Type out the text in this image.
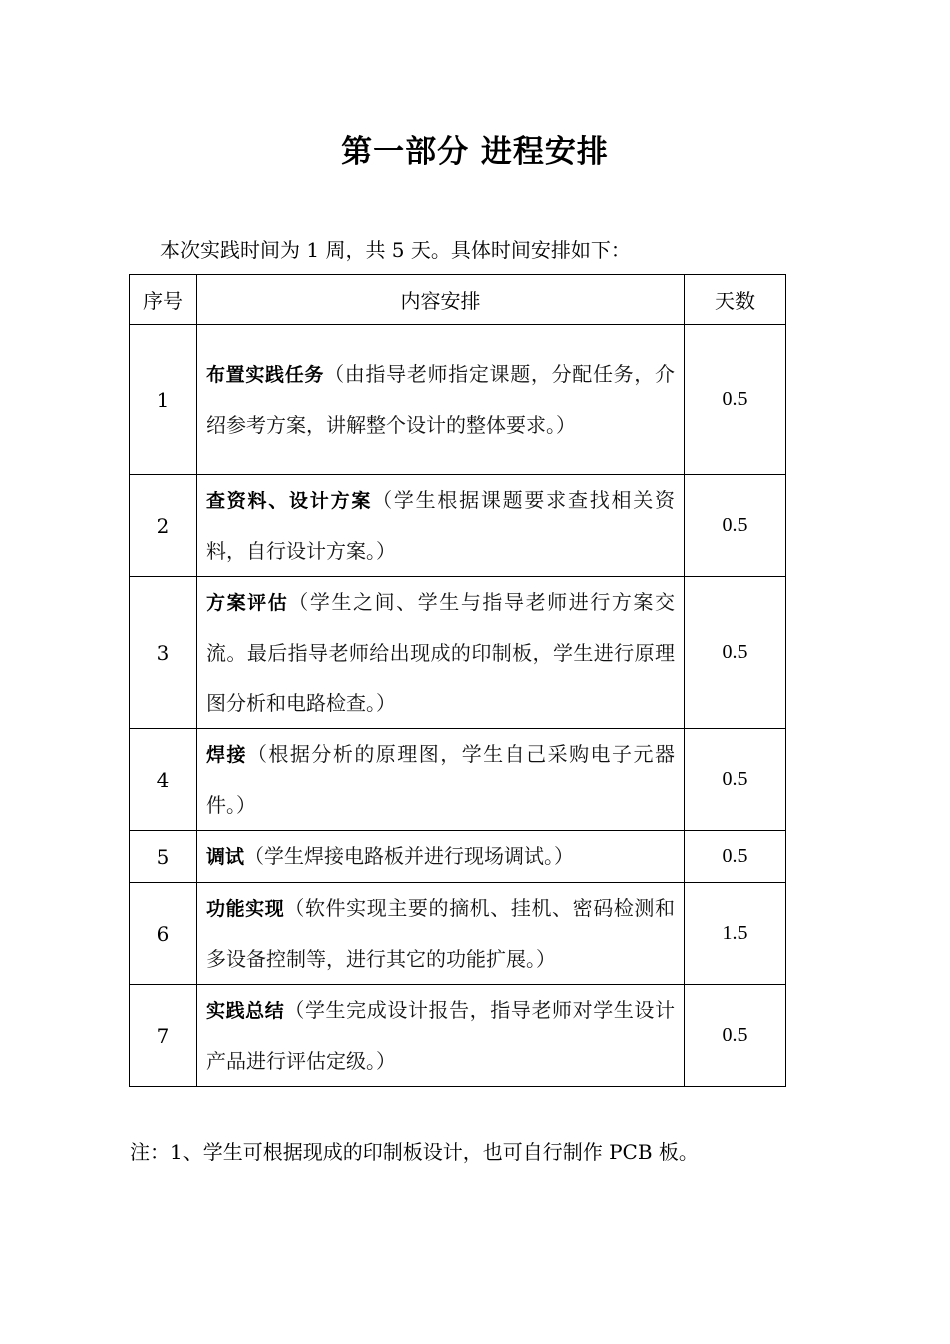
第一部分 进程安排
本次实践时间为 1 周，共 5 天。具体时间安排如下：
序号	内容安排	天数
1	布置实践任务（由指导老师指定课题，分配任务，介绍参考方案，讲解整个设计的整体要求。）	0.5
2	查资料、设计方案（学生根据课题要求查找相关资料，自行设计方案。）	0.5
3	方案评估（学生之间、学生与指导老师进行方案交流。最后指导老师给出现成的印制板，学生进行原理图分析和电路检查。）	0.5
4	焊接（根据分析的原理图，学生自己采购电子元器件。）	0.5
5	调试（学生焊接电路板并进行现场调试。）	0.5
6	功能实现（软件实现主要的摘机、挂机、密码检测和多设备控制等，进行其它的功能扩展。）	1.5
7	实践总结（学生完成设计报告，指导老师对学生设计产品进行评估定级。）	0.5
注：1、学生可根据现成的印制板设计，也可自行制作 PCB 板。
